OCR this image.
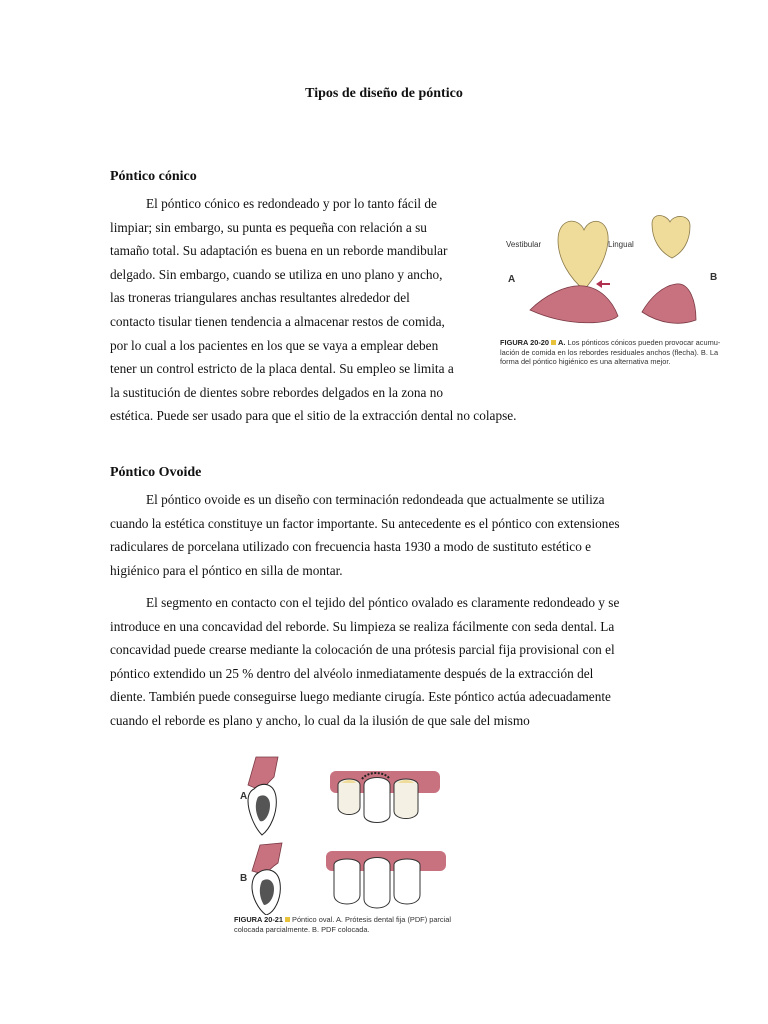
Tipos de diseño de póntico
Póntico cónico
El póntico cónico es redondeado y por lo tanto fácil de
limpiar; sin embargo, su punta es pequeña con relación a su
tamaño total. Su adaptación es buena en un reborde mandibular
delgado. Sin embargo, cuando se utiliza en uno plano y ancho,
las troneras triangulares anchas resultantes alrededor del
contacto tisular tienen tendencia a almacenar restos de comida,
por lo cual a los pacientes en los que se vaya a emplear deben
tener un control estricto de la placa dental. Su empleo se limita a
la sustitución de dientes sobre rebordes delgados en la zona no
estética. Puede ser usado para que el sitio de la extracción dental no colapse.
Vestibular	Lingual
A	B
FIGURA 20-20 A. Los pónticos cónicos pueden provocar acumu-
lación de comida en los rebordes residuales anchos (flecha). B. La
forma del póntico higiénico es una alternativa mejor.
Póntico Ovoide
El póntico ovoide es un diseño con terminación redondeada que actualmente se utiliza
cuando la estética constituye un factor importante. Su antecedente es el póntico con extensiones
radiculares de porcelana utilizado con frecuencia hasta 1930 a modo de sustituto estético e
higiénico para el póntico en silla de montar.
El segmento en contacto con el tejido del póntico ovalado es claramente redondeado y se
introduce en una concavidad del reborde. Su limpieza se realiza fácilmente con seda dental. La
concavidad puede crearse mediante la colocación de una prótesis parcial fija provisional con el
póntico extendido un 25 % dentro del alvéolo inmediatamente después de la extracción del
diente. También puede conseguirse luego mediante cirugía. Este póntico actúa adecuadamente
cuando el reborde es plano y ancho, lo cual da la ilusión de que sale del mismo
A
B
FIGURA 20-21 Póntico oval. A. Prótesis dental fija (PDF) parcial
colocada parcialmente. B. PDF colocada.
